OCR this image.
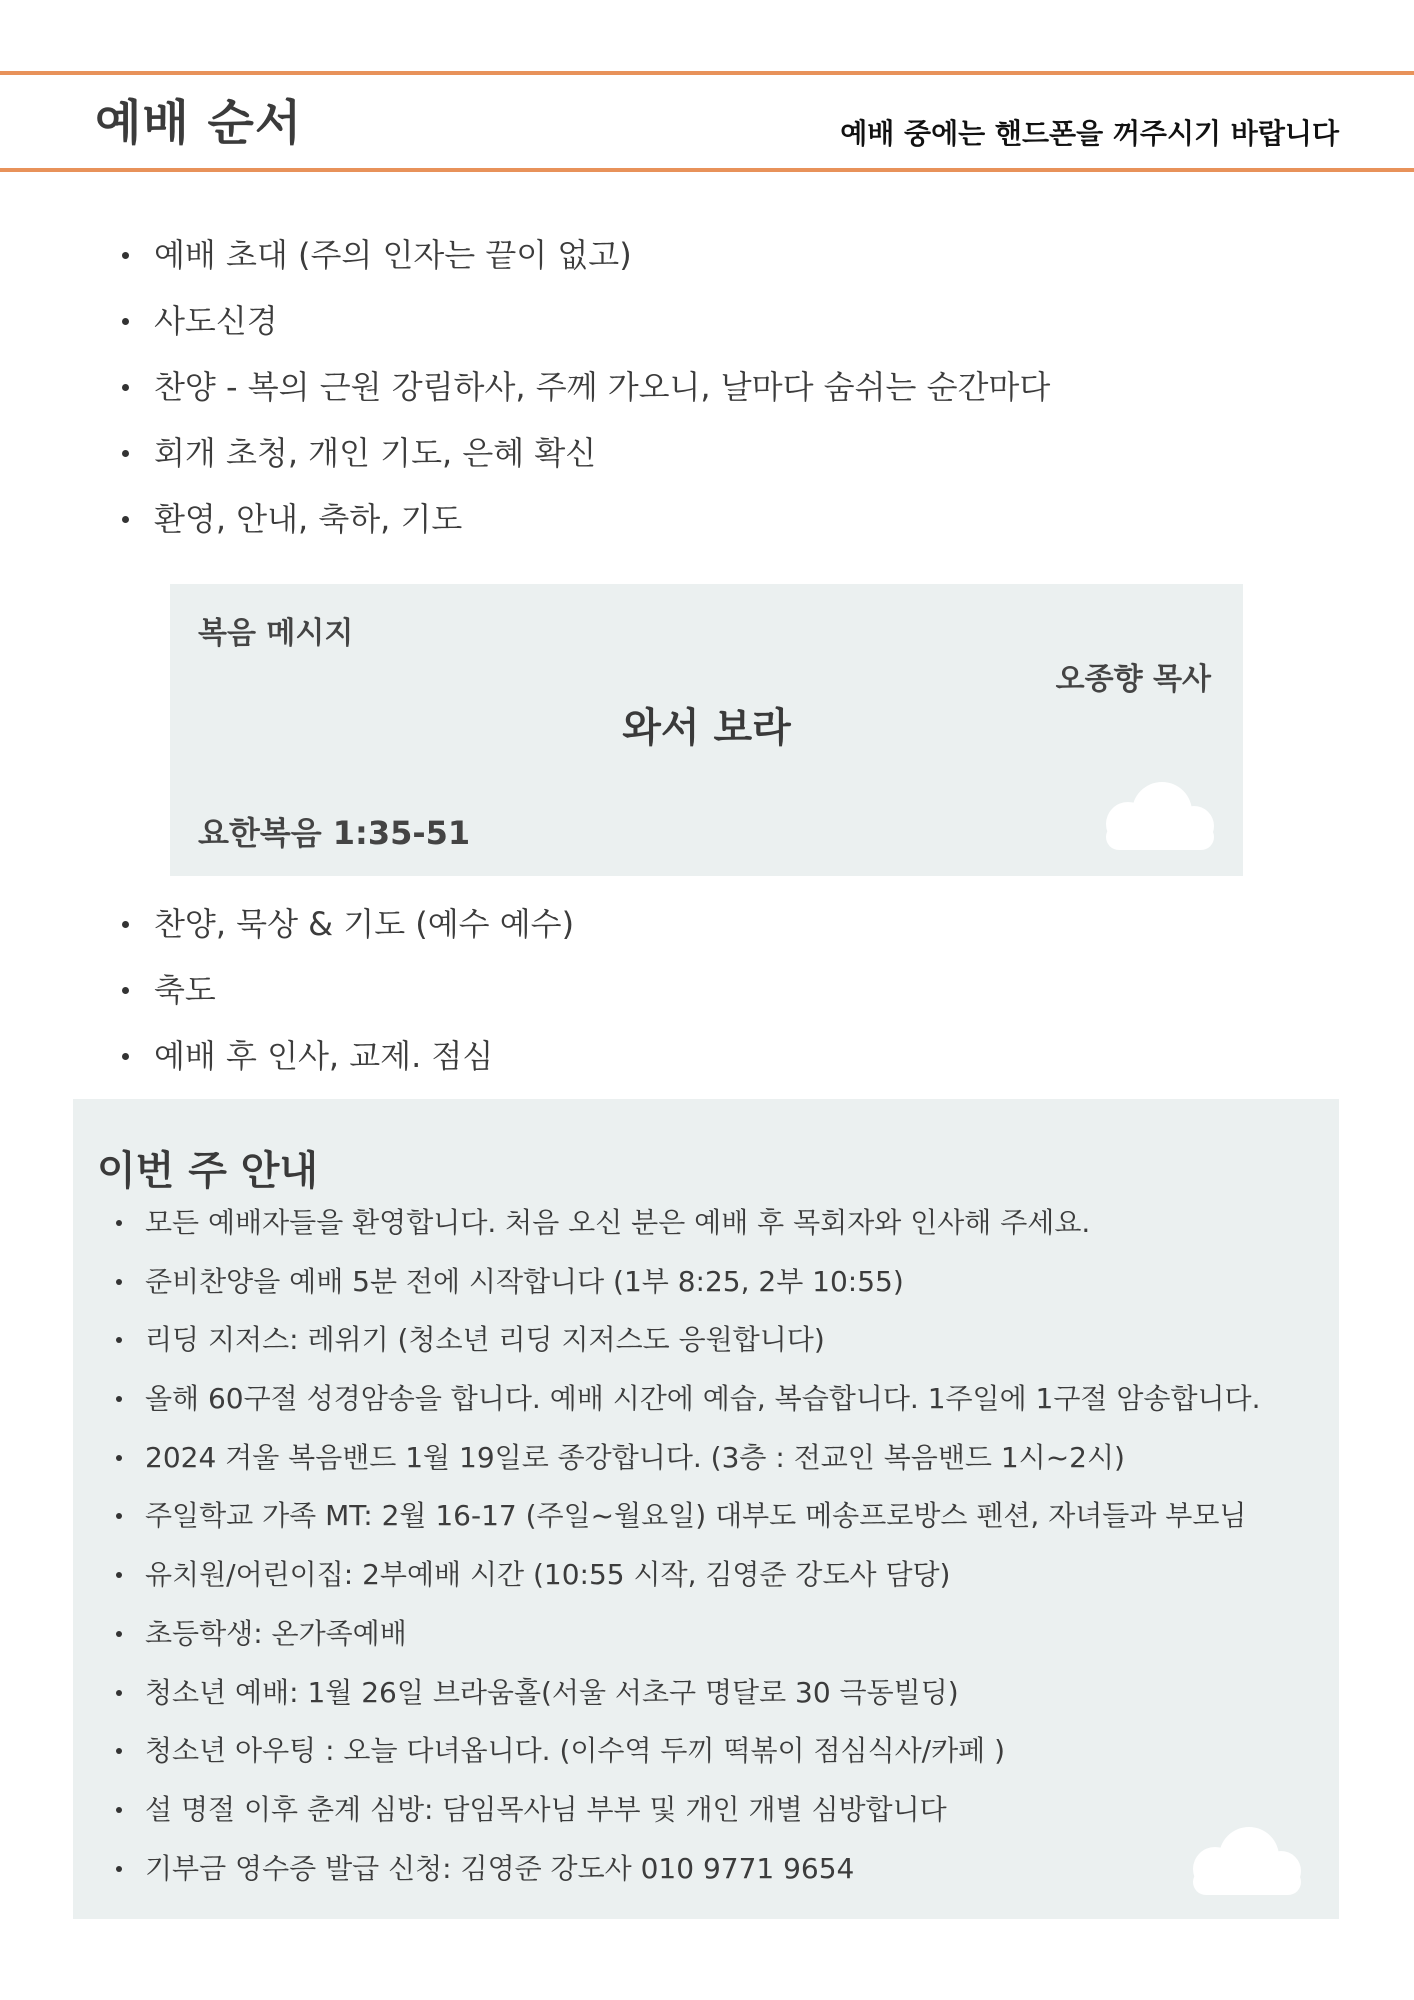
예배 순서	예배 중에는 핸드폰을 꺼주시기 바랍니다
예배 초대 (주의 인자는 끝이 없고)
사도신경
찬양 - 복의 근원 강림하사, 주께 가오니, 날마다 숨쉬는 순간마다
회개 초청, 개인 기도, 은혜 확신
환영, 안내, 축하, 기도
복음 메시지
오종향 목사
와서 보라
요한복음 1:35-51
찬양, 묵상 & 기도 (예수 예수)
축도
예배 후 인사, 교제. 점심
이번 주 안내
모든 예배자들을 환영합니다. 처음 오신 분은 예배 후 목회자와 인사해 주세요.
준비찬양을 예배 5분 전에 시작합니다 (1부 8:25, 2부 10:55)
리딩 지저스: 레위기 (청소년 리딩 지저스도 응원합니다)
올해 60구절 성경암송을 합니다. 예배 시간에 예습, 복습합니다. 1주일에 1구절 암송합니다.
2024 겨울 복음밴드 1월 19일로 종강합니다. (3층 : 전교인 복음밴드 1시~2시)
주일학교 가족 MT: 2월 16-17 (주일~월요일) 대부도 메송프로방스 펜션, 자녀들과 부모님
유치원/어린이집: 2부예배 시간 (10:55 시작, 김영준 강도사 담당)
초등학생: 온가족예배
청소년 예배: 1월 26일 브라움홀(서울 서초구 명달로 30 극동빌딩)
청소년 아우팅 : 오늘 다녀옵니다. (이수역 두끼 떡볶이 점심식사/카페 )
설 명절 이후 춘계 심방: 담임목사님 부부 및 개인 개별 심방합니다
기부금 영수증 발급 신청: 김영준 강도사 010 9771 9654
